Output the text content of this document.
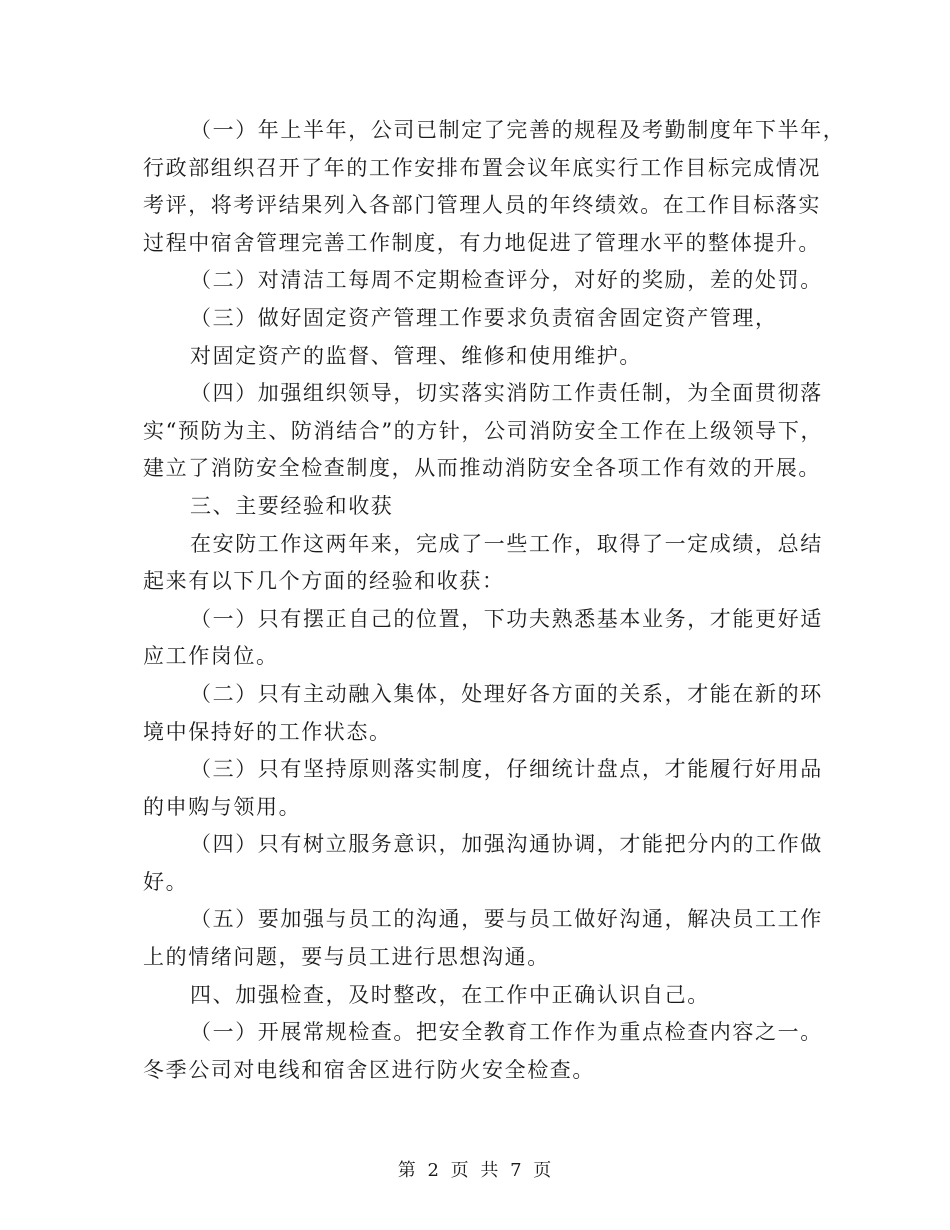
（一）年上半年，公司已制定了完善的规程及考勤制度年下半年，
行政部组织召开了年的工作安排布置会议年底实行工作目标完成情况
考评，将考评结果列入各部门管理人员的年终绩效。在工作目标落实
过程中宿舍管理完善工作制度，有力地促进了管理水平的整体提升。

（二）对清洁工每周不定期检查评分，对好的奖励，差的处罚。

（三）做好固定资产管理工作要求负责宿舍固定资产管理，

对固定资产的监督、管理、维修和使用维护。

（四）加强组织领导，切实落实消防工作责任制，为全面贯彻落
实“预防为主、防消结合”的方针，公司消防安全工作在上级领导下，
建立了消防安全检查制度，从而推动消防安全各项工作有效的开展。

三、主要经验和收获

在安防工作这两年来，完成了一些工作，取得了一定成绩，总结
起来有以下几个方面的经验和收获：

（一）只有摆正自己的位置，下功夫熟悉基本业务，才能更好适
应工作岗位。

（二）只有主动融入集体，处理好各方面的关系，才能在新的环
境中保持好的工作状态。

（三）只有坚持原则落实制度，仔细统计盘点，才能履行好用品
的申购与领用。

（四）只有树立服务意识，加强沟通协调，才能把分内的工作做
好。

（五）要加强与员工的沟通，要与员工做好沟通，解决员工工作
上的情绪问题，要与员工进行思想沟通。

四、加强检查，及时整改，在工作中正确认识自己。

（一）开展常规检查。把安全教育工作作为重点检查内容之一。
冬季公司对电线和宿舍区进行防火安全检查。

第 2 页 共 7 页
